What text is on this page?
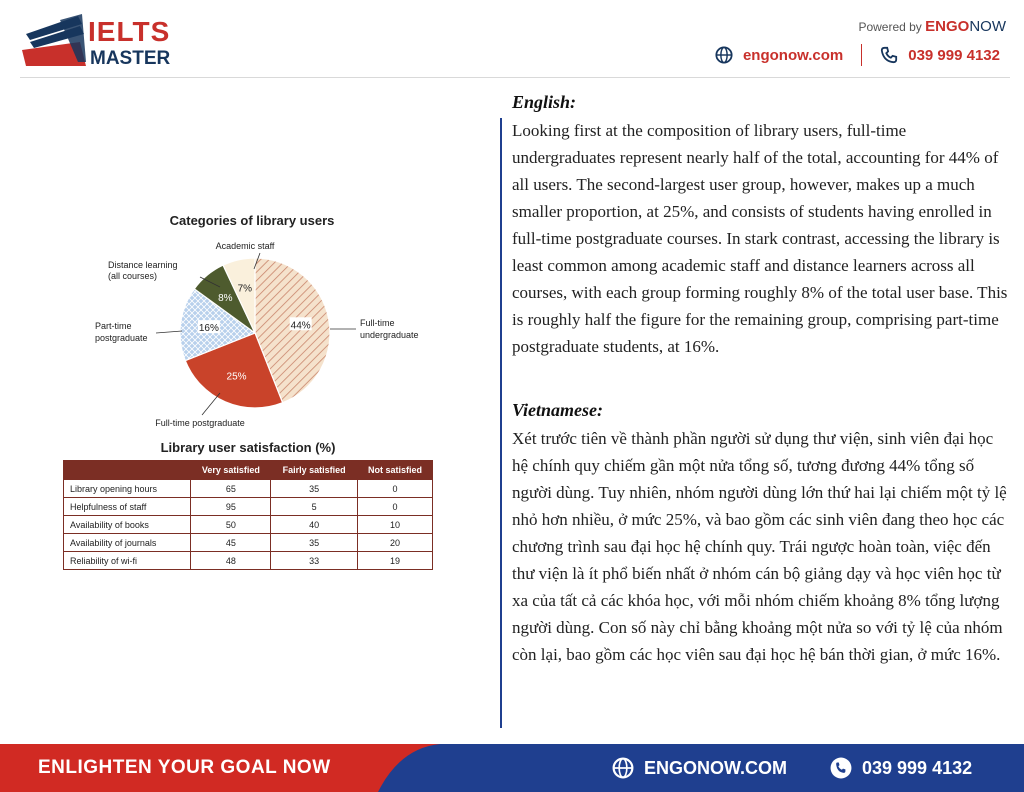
IELTS
MASTER
Powered by ENGONOW
engonow.com	039 999 4132
Categories of library users
44%
25%
16%
8%
7%
Academic staff
Distance learning
(all courses)
Part-time
postgraduate
Full-time
undergraduate
Full-time postgraduate
Library user satisfaction (%)
	Very satisfied	Fairly satisfied	Not satisfied
Library opening hours	65	35	0
Helpfulness of staff	95	5	0
Availability of books	50	40	10
Availability of journals	45	35	20
Reliability of wi-fi	48	33	19

English:

Looking first at the composition of library users, full-time undergraduates represent nearly half of the total, accounting for 44% of all users. The second-largest user group, however, makes up a much smaller proportion, at 25%, and consists of students having enrolled in full-time postgraduate courses. In stark contrast, accessing the library is least common among academic staff and distance learners across all courses, with each group forming roughly 8% of the total user base. This is roughly half the figure for the remaining group, comprising part-time postgraduate students, at 16%.

Vietnamese:

Xét trước tiên về thành phần người sử dụng thư viện, sinh viên đại học hệ chính quy chiếm gần một nửa tổng số, tương đương 44% tổng số người dùng. Tuy nhiên, nhóm người dùng lớn thứ hai lại chiếm một tỷ lệ nhỏ hơn nhiều, ở mức 25%, và bao gồm các sinh viên đang theo học các chương trình sau đại học hệ chính quy. Trái ngược hoàn toàn, việc đến thư viện là ít phổ biến nhất ở nhóm cán bộ giảng dạy và học viên học từ xa của tất cả các khóa học, với mỗi nhóm chiếm khoảng 8% tổng lượng người dùng. Con số này chỉ bằng khoảng một nửa so với tỷ lệ của nhóm còn lại, bao gồm các học viên sau đại học hệ bán thời gian, ở mức 16%.

ENLIGHTEN YOUR GOAL NOW	ENGONOW.COM	039 999 4132
